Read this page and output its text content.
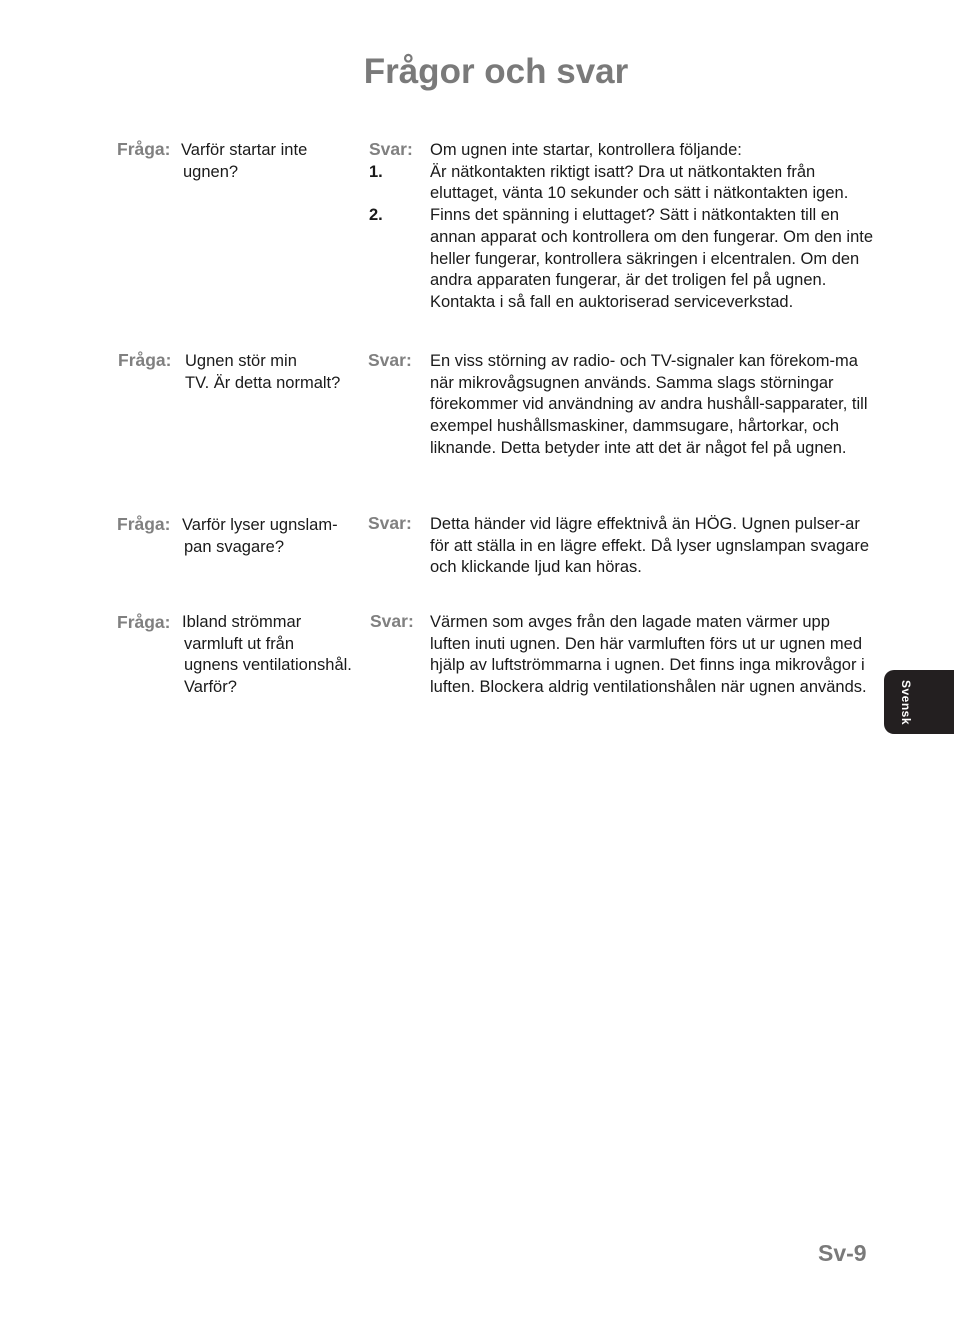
Frågor och svar
Fråga: Varför startar inte
ugnen?
Svar: Om ugnen inte startar, kontrollera följande:
1.	Är nätkontakten riktigt isatt? Dra ut nätkontakten från eluttaget, vänta 10 sekunder och sätt i nätkontakten igen.
2.	Finns det spänning i eluttaget? Sätt i nätkontakten till en annan apparat och kontrollera om den fungerar. Om den inte heller fungerar, kontrollera säkringen i elcentralen. Om den andra apparaten fungerar, är det troligen fel på ugnen. Kontakta i så fall en auktoriserad serviceverkstad.
Fråga: Ugnen stör min
TV. Är detta normalt?
Svar: En viss störning av radio- och TV-signaler kan förekom-ma när mikrovågsugnen används. Samma slags störningar förekommer vid användning av andra hushåll-sapparater, till exempel hushållsmaskiner, dammsugare, hårtorkar, och liknande. Detta betyder inte att det är något fel på ugnen.
Fråga: Varför lyser ugnslam-
pan svagare?
Svar: Detta händer vid lägre effektnivå än HÖG. Ugnen pulser-ar för att ställa in en lägre effekt. Då lyser ugnslampan svagare och klickande ljud kan höras.
Fråga: Ibland strömmar
varmluft ut från
ugnens ventilationshål.
Varför?
Svar: Värmen som avges från den lagade maten värmer upp luften inuti ugnen. Den här varmluften förs ut ur ugnen med hjälp av luftströmmarna i ugnen. Det finns inga mikrovågor i luften. Blockera aldrig ventilationshålen när ugnen används.	Svensk
Sv-9
